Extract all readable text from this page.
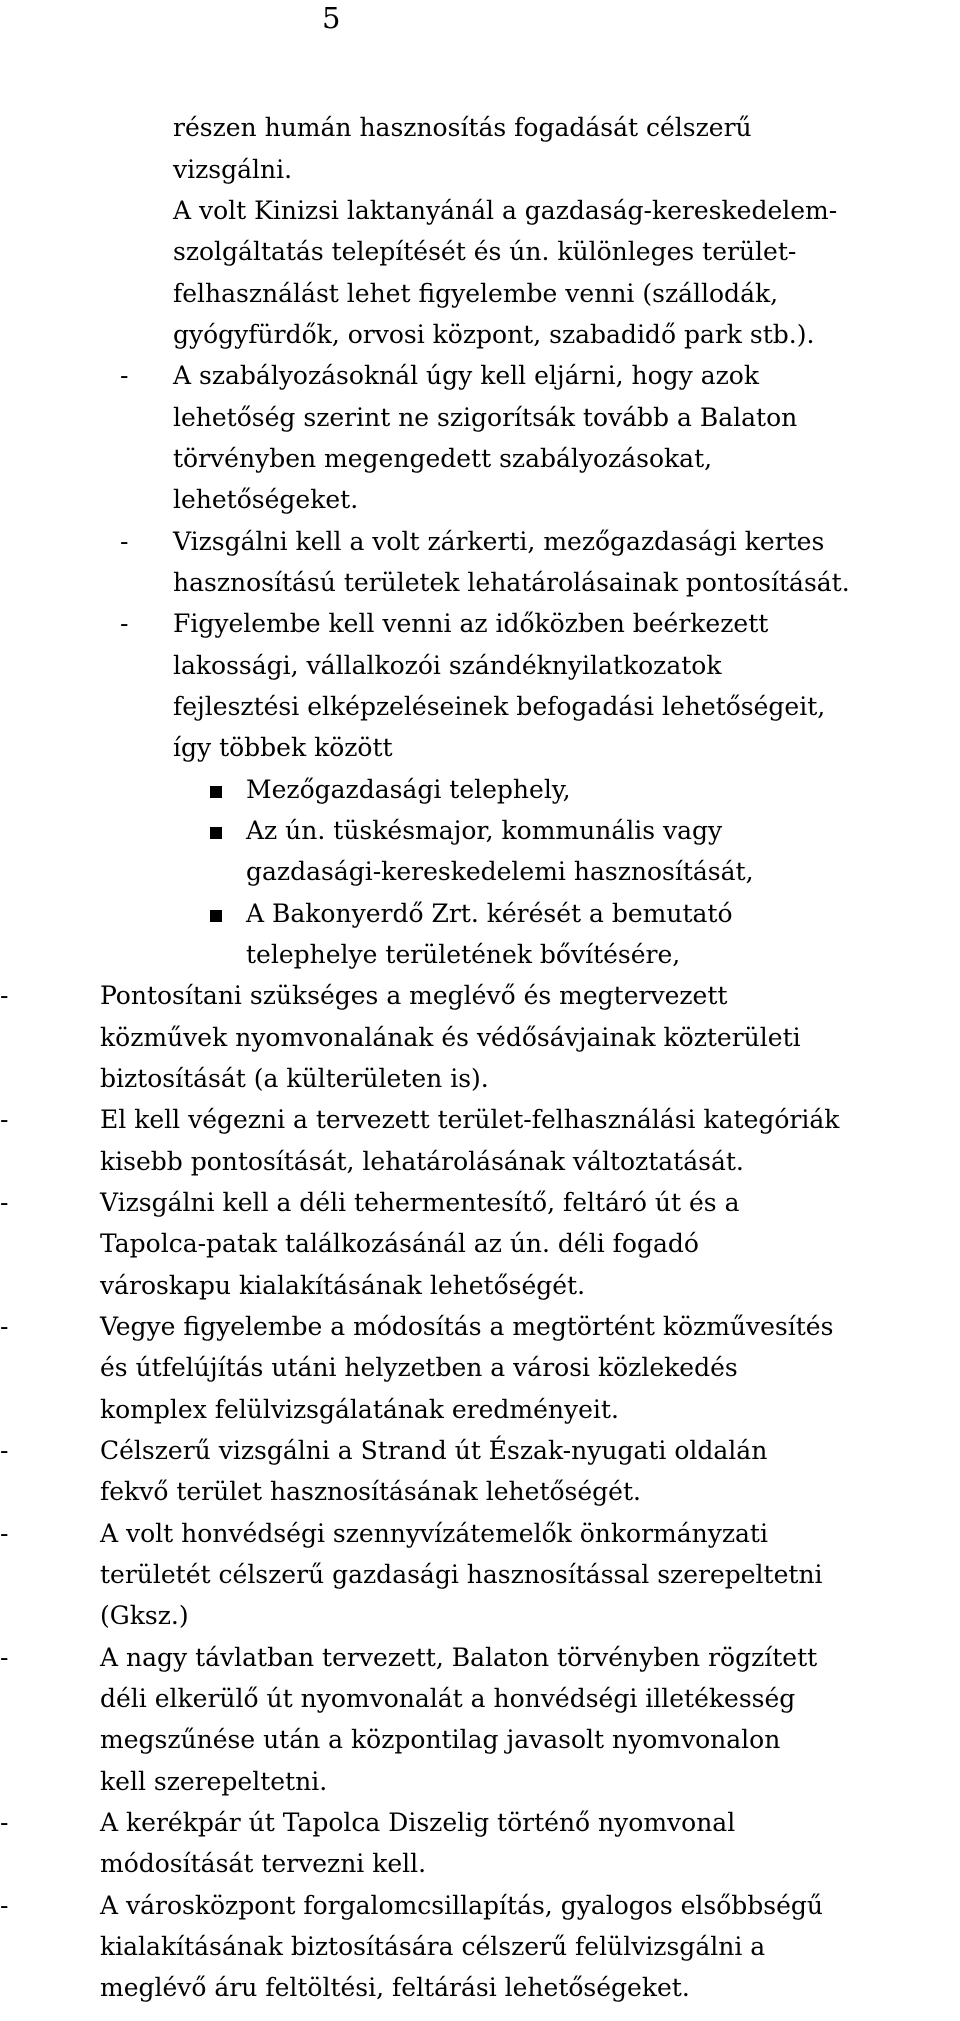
5
részen humán hasznosítás fogadását célszerű
vizsgálni.
A volt Kinizsi laktanyánál a gazdaság-kereskedelem-
szolgáltatás telepítését és ún. különleges terület-
felhasználást lehet figyelembe venni (szállodák,
gyógyfürdők, orvosi központ, szabadidő park stb.).
- A szabályozásoknál úgy kell eljárni, hogy azok
lehetőség szerint ne szigorítsák tovább a Balaton
törvényben megengedett szabályozásokat,
lehetőségeket.
- Vizsgálni kell a volt zárkerti, mezőgazdasági kertes
hasznosítású területek lehatárolásainak pontosítását.
- Figyelembe kell venni az időközben beérkezett
lakossági, vállalkozói szándéknyilatkozatok
fejlesztési elképzeléseinek befogadási lehetőségeit,
így többek között
Mezőgazdasági telephely,
Az ún. tüskésmajor, kommunális vagy
gazdasági-kereskedelemi hasznosítását,
A Bakonyerdő Zrt. kérését a bemutató
telephelye területének bővítésére,
-	Pontosítani szükséges a meglévő és megtervezett
közművek nyomvonalának és védősávjainak közterületi
biztosítását (a külterületen is).
-	El kell végezni a tervezett terület-felhasználási kategóriák
kisebb pontosítását, lehatárolásának változtatását.
-	Vizsgálni kell a déli tehermentesítő, feltáró út és a
Tapolca-patak találkozásánál az ún. déli fogadó
városkapu kialakításának lehetőségét.
-	Vegye figyelembe a módosítás a megtörtént közművesítés
és útfelújítás utáni helyzetben a városi közlekedés
komplex felülvizsgálatának eredményeit.
-	Célszerű vizsgálni a Strand út Észak-nyugati oldalán
fekvő terület hasznosításának lehetőségét.
-	A volt honvédségi szennyvízátemelők önkormányzati
területét célszerű gazdasági hasznosítással szerepeltetni
(Gksz.)
-	A nagy távlatban tervezett, Balaton törvényben rögzített
déli elkerülő út nyomvonalát a honvédségi illetékesség
megszűnése után a központilag javasolt nyomvonalon
kell szerepeltetni.
-	A kerékpár út Tapolca Diszelig történő nyomvonal
módosítását tervezni kell.
-	A városközpont forgalomcsillapítás, gyalogos elsőbbségű
kialakításának biztosítására célszerű felülvizsgálni a
meglévő áru feltöltési, feltárási lehetőségeket.
